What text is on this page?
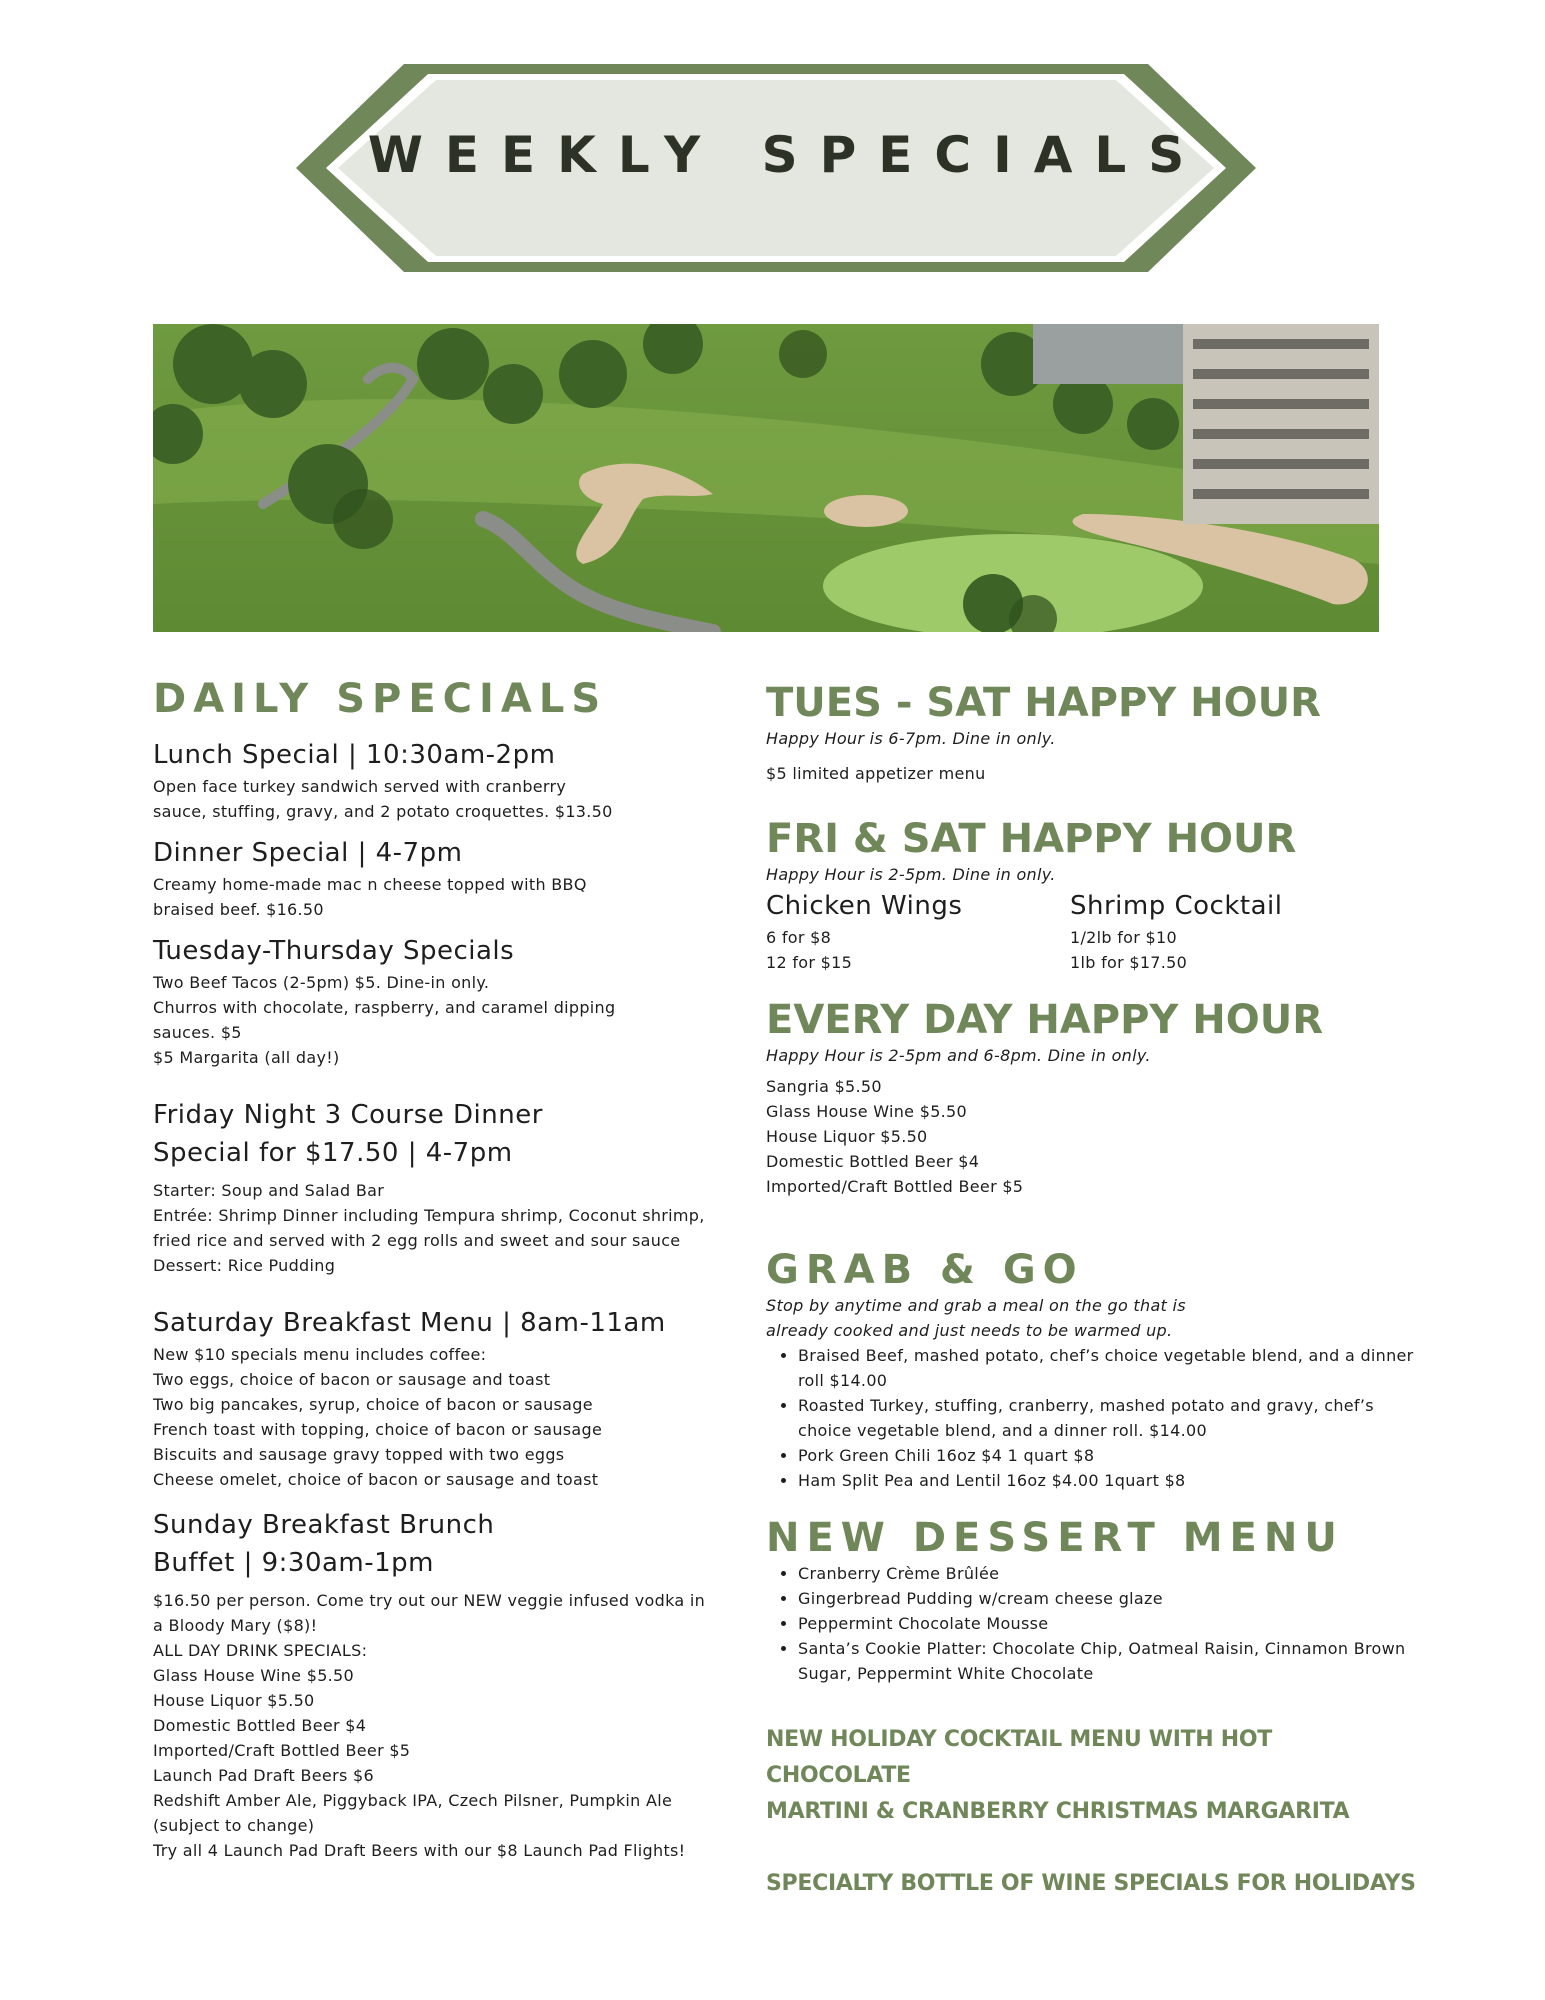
WEEKLY SPECIALS
DAILY SPECIALS

Lunch Special | 10:30am-2pm

Open face turkey sandwich served with cranberry

sauce, stuffing, gravy, and 2 potato croquettes. $13.50

Dinner Special | 4-7pm

Creamy home-made mac n cheese topped with BBQ

braised beef. $16.50

Tuesday-Thursday Specials

Two Beef Tacos (2-5pm) $5. Dine-in only.

Churros with chocolate, raspberry, and caramel dipping

sauces. $5

$5 Margarita (all day!)

Friday Night 3 Course Dinner

Special for $17.50 | 4-7pm

Starter: Soup and Salad Bar

Entrée: Shrimp Dinner including Tempura shrimp, Coconut shrimp,

fried rice and served with 2 egg rolls and sweet and sour sauce

Dessert: Rice Pudding

Saturday Breakfast Menu | 8am-11am

New $10 specials menu includes coffee:

Two eggs, choice of bacon or sausage and toast

Two big pancakes, syrup, choice of bacon or sausage

French toast with topping, choice of bacon or sausage

Biscuits and sausage gravy topped with two eggs

Cheese omelet, choice of bacon or sausage and toast

Sunday Breakfast Brunch

Buffet | 9:30am-1pm

$16.50 per person. Come try out our NEW veggie infused vodka in

a Bloody Mary ($8)!

ALL DAY DRINK SPECIALS:

Glass House Wine $5.50

House Liquor $5.50

Domestic Bottled Beer $4

Imported/Craft Bottled Beer $5

Launch Pad Draft Beers $6

Redshift Amber Ale, Piggyback IPA, Czech Pilsner, Pumpkin Ale

(subject to change)

Try all 4 Launch Pad Draft Beers with our $8 Launch Pad Flights!

TUES - SAT HAPPY HOUR

Happy Hour is 6-7pm. Dine in only.

$5 limited appetizer menu

FRI & SAT HAPPY HOUR

Happy Hour is 2-5pm. Dine in only.

Chicken Wings

6 for $8

12 for $15

Shrimp Cocktail

1/2lb for $10

1lb for $17.50

EVERY DAY HAPPY HOUR

Happy Hour is 2-5pm and 6-8pm. Dine in only.

Sangria $5.50

Glass House Wine $5.50

House Liquor $5.50

Domestic Bottled Beer $4

Imported/Craft Bottled Beer $5

GRAB & GO

Stop by anytime and grab a meal on the go that is

already cooked and just needs to be warmed up.

• Braised Beef, mashed potato, chef’s choice vegetable blend, and a dinner roll $14.00
• Roasted Turkey, stuffing, cranberry, mashed potato and gravy, chef’s choice vegetable blend, and a dinner roll. $14.00
• Pork Green Chili 16oz $4 1 quart $8
• Ham Split Pea and Lentil 16oz $4.00 1quart $8
NEW DESSERT MENU
• Cranberry Crème Brûlée
• Gingerbread Pudding w/cream cheese glaze
• Peppermint Chocolate Mousse
• Santa’s Cookie Platter: Chocolate Chip, Oatmeal Raisin, Cinnamon Brown Sugar, Peppermint White Chocolate

NEW HOLIDAY COCKTAIL MENU WITH HOT CHOCOLATE

MARTINI & CRANBERRY CHRISTMAS MARGARITA

SPECIALTY BOTTLE OF WINE SPECIALS FOR HOLIDAYS
